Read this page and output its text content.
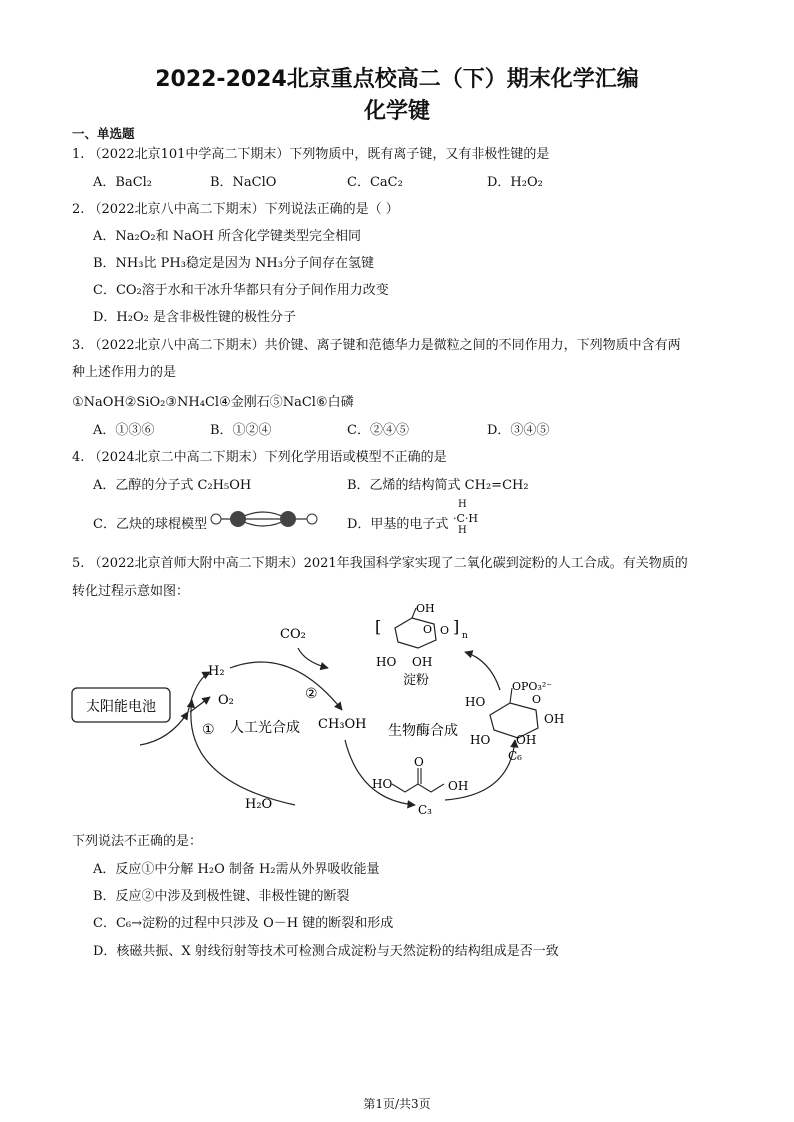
2022-2024北京重点校高二（下）期末化学汇编
化学键
一、单选题
1. （2022北京101中学高二下期末）下列物质中，既有离子键，又有非极性键的是
A．BaCl₂	B．NaClO	C．CaC₂	D．H₂O₂
2. （2022北京八中高二下期末）下列说法正确的是（ ）
A．Na₂O₂和 NaOH 所含化学键类型完全相同
B．NH₃比 PH₃稳定是因为 NH₃分子间存在氢键
C．CO₂溶于水和干冰升华都只有分子间作用力改变
D．H₂O₂ 是含非极性键的极性分子
3. （2022北京八中高二下期末）共价键、离子键和范德华力是微粒之间的不同作用力，下列物质中含有两
种上述作用力的是
①NaOH②SiO₂③NH₄Cl④金刚石⑤NaCl⑥白磷
A．①③⑥	B．①②④	C．②④⑤	D．③④⑤
4. （2024北京二中高二下期末）下列化学用语或模型不正确的是
A．乙醇的分子式 C₂H₅OH	B．乙烯的结构简式 CH₂=CH₂
C．乙炔的球棍模型	D．甲基的电子式
H
·C·H
H
5. （2022北京首师大附中高二下期末）2021年我国科学家实现了二氧化碳到淀粉的人工合成。有关物质的
转化过程示意如图：
太阳能电池
H₂
O₂
CO₂
①
②
人工光合成 CH₃OH
H₂O
生物酶合成
HO
O
OH
C₃
OPO₃²⁻
HO	O
OH
HO OH
C₆
[
OH
O O ] n
HO OH
淀粉
下列说法不正确的是：
A．反应①中分解 H₂O 制备 H₂需从外界吸收能量
B．反应②中涉及到极性键、非极性键的断裂
C．C₆→淀粉的过程中只涉及 O－H 键的断裂和形成
D．核磁共振、X 射线衍射等技术可检测合成淀粉与天然淀粉的结构组成是否一致
第1页/共3页
